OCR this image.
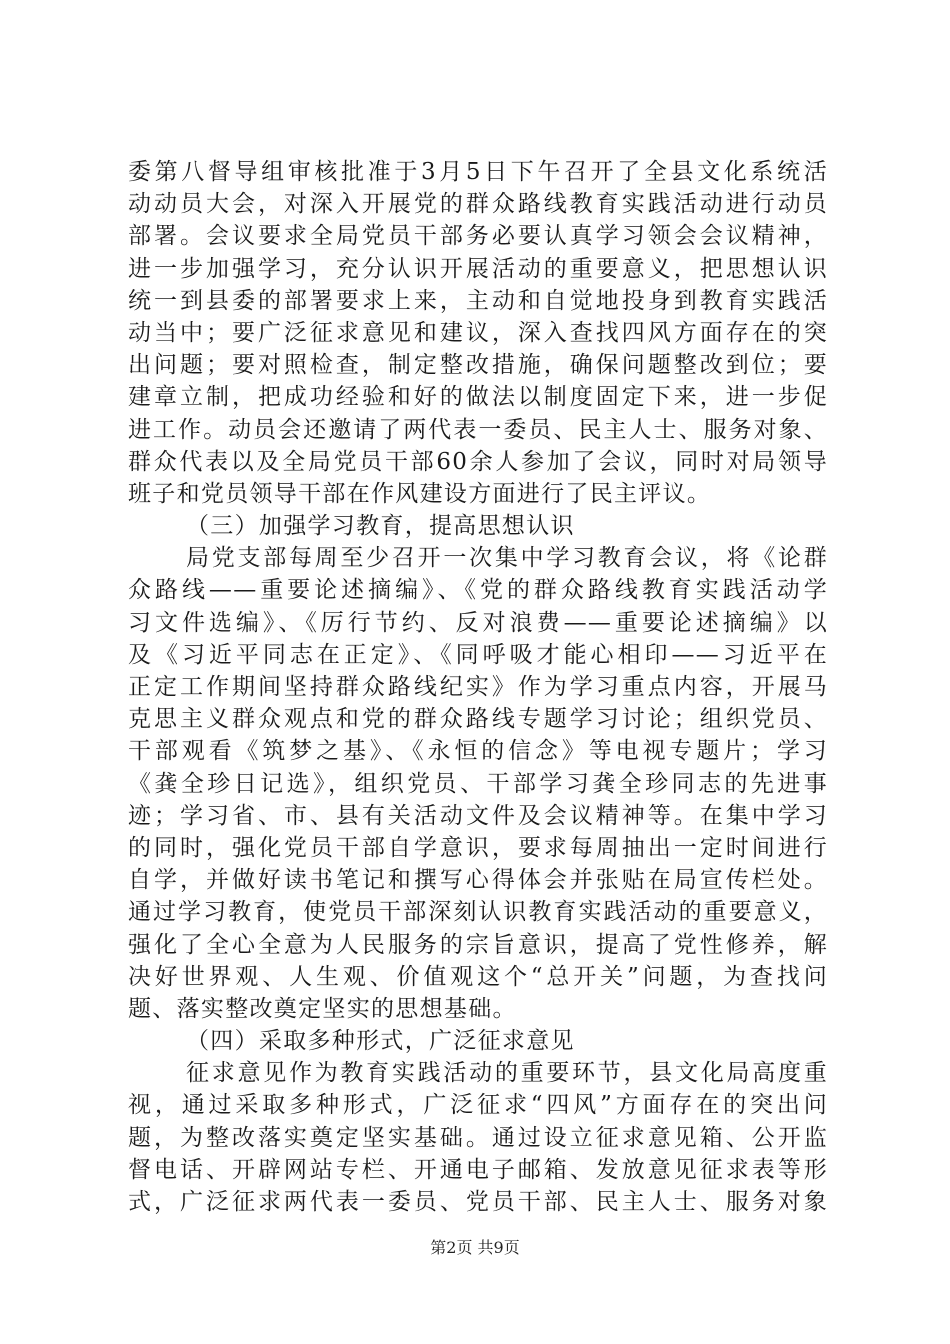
委第八督导组审核批准于3月5日下午召开了全县文化系统活
动动员大会，对深入开展党的群众路线教育实践活动进行动员
部署。会议要求全局党员干部务必要认真学习领会会议精神，
进一步加强学习，充分认识开展活动的重要意义，把思想认识
统一到县委的部署要求上来，主动和自觉地投身到教育实践活
动当中；要广泛征求意见和建议，深入查找四风方面存在的突
出问题；要对照检查，制定整改措施，确保问题整改到位；要
建章立制，把成功经验和好的做法以制度固定下来，进一步促
进工作。动员会还邀请了两代表一委员、民主人士、服务对象、
群众代表以及全局党员干部60余人参加了会议，同时对局领导
班子和党员领导干部在作风建设方面进行了民主评议。
（三）加强学习教育，提高思想认识
局党支部每周至少召开一次集中学习教育会议，将《论群
众路线——重要论述摘编》、《党的群众路线教育实践活动学
习文件选编》、《厉行节约、反对浪费——重要论述摘编》以
及《习近平同志在正定》、《同呼吸才能心相印——习近平在
正定工作期间坚持群众路线纪实》作为学习重点内容，开展马
克思主义群众观点和党的群众路线专题学习讨论；组织党员、
干部观看《筑梦之基》、《永恒的信念》等电视专题片；学习
《龚全珍日记选》，组织党员、干部学习龚全珍同志的先进事
迹；学习省、市、县有关活动文件及会议精神等。在集中学习
的同时，强化党员干部自学意识，要求每周抽出一定时间进行
自学，并做好读书笔记和撰写心得体会并张贴在局宣传栏处。
通过学习教育，使党员干部深刻认识教育实践活动的重要意义，
强化了全心全意为人民服务的宗旨意识，提高了党性修养，解
决好世界观、人生观、价值观这个“总开关”问题，为查找问
题、落实整改奠定坚实的思想基础。
（四）采取多种形式，广泛征求意见
征求意见作为教育实践活动的重要环节，县文化局高度重
视，通过采取多种形式，广泛征求“四风”方面存在的突出问
题，为整改落实奠定坚实基础。通过设立征求意见箱、公开监
督电话、开辟网站专栏、开通电子邮箱、发放意见征求表等形
式，广泛征求两代表一委员、党员干部、民主人士、服务对象
第2页 共9页
